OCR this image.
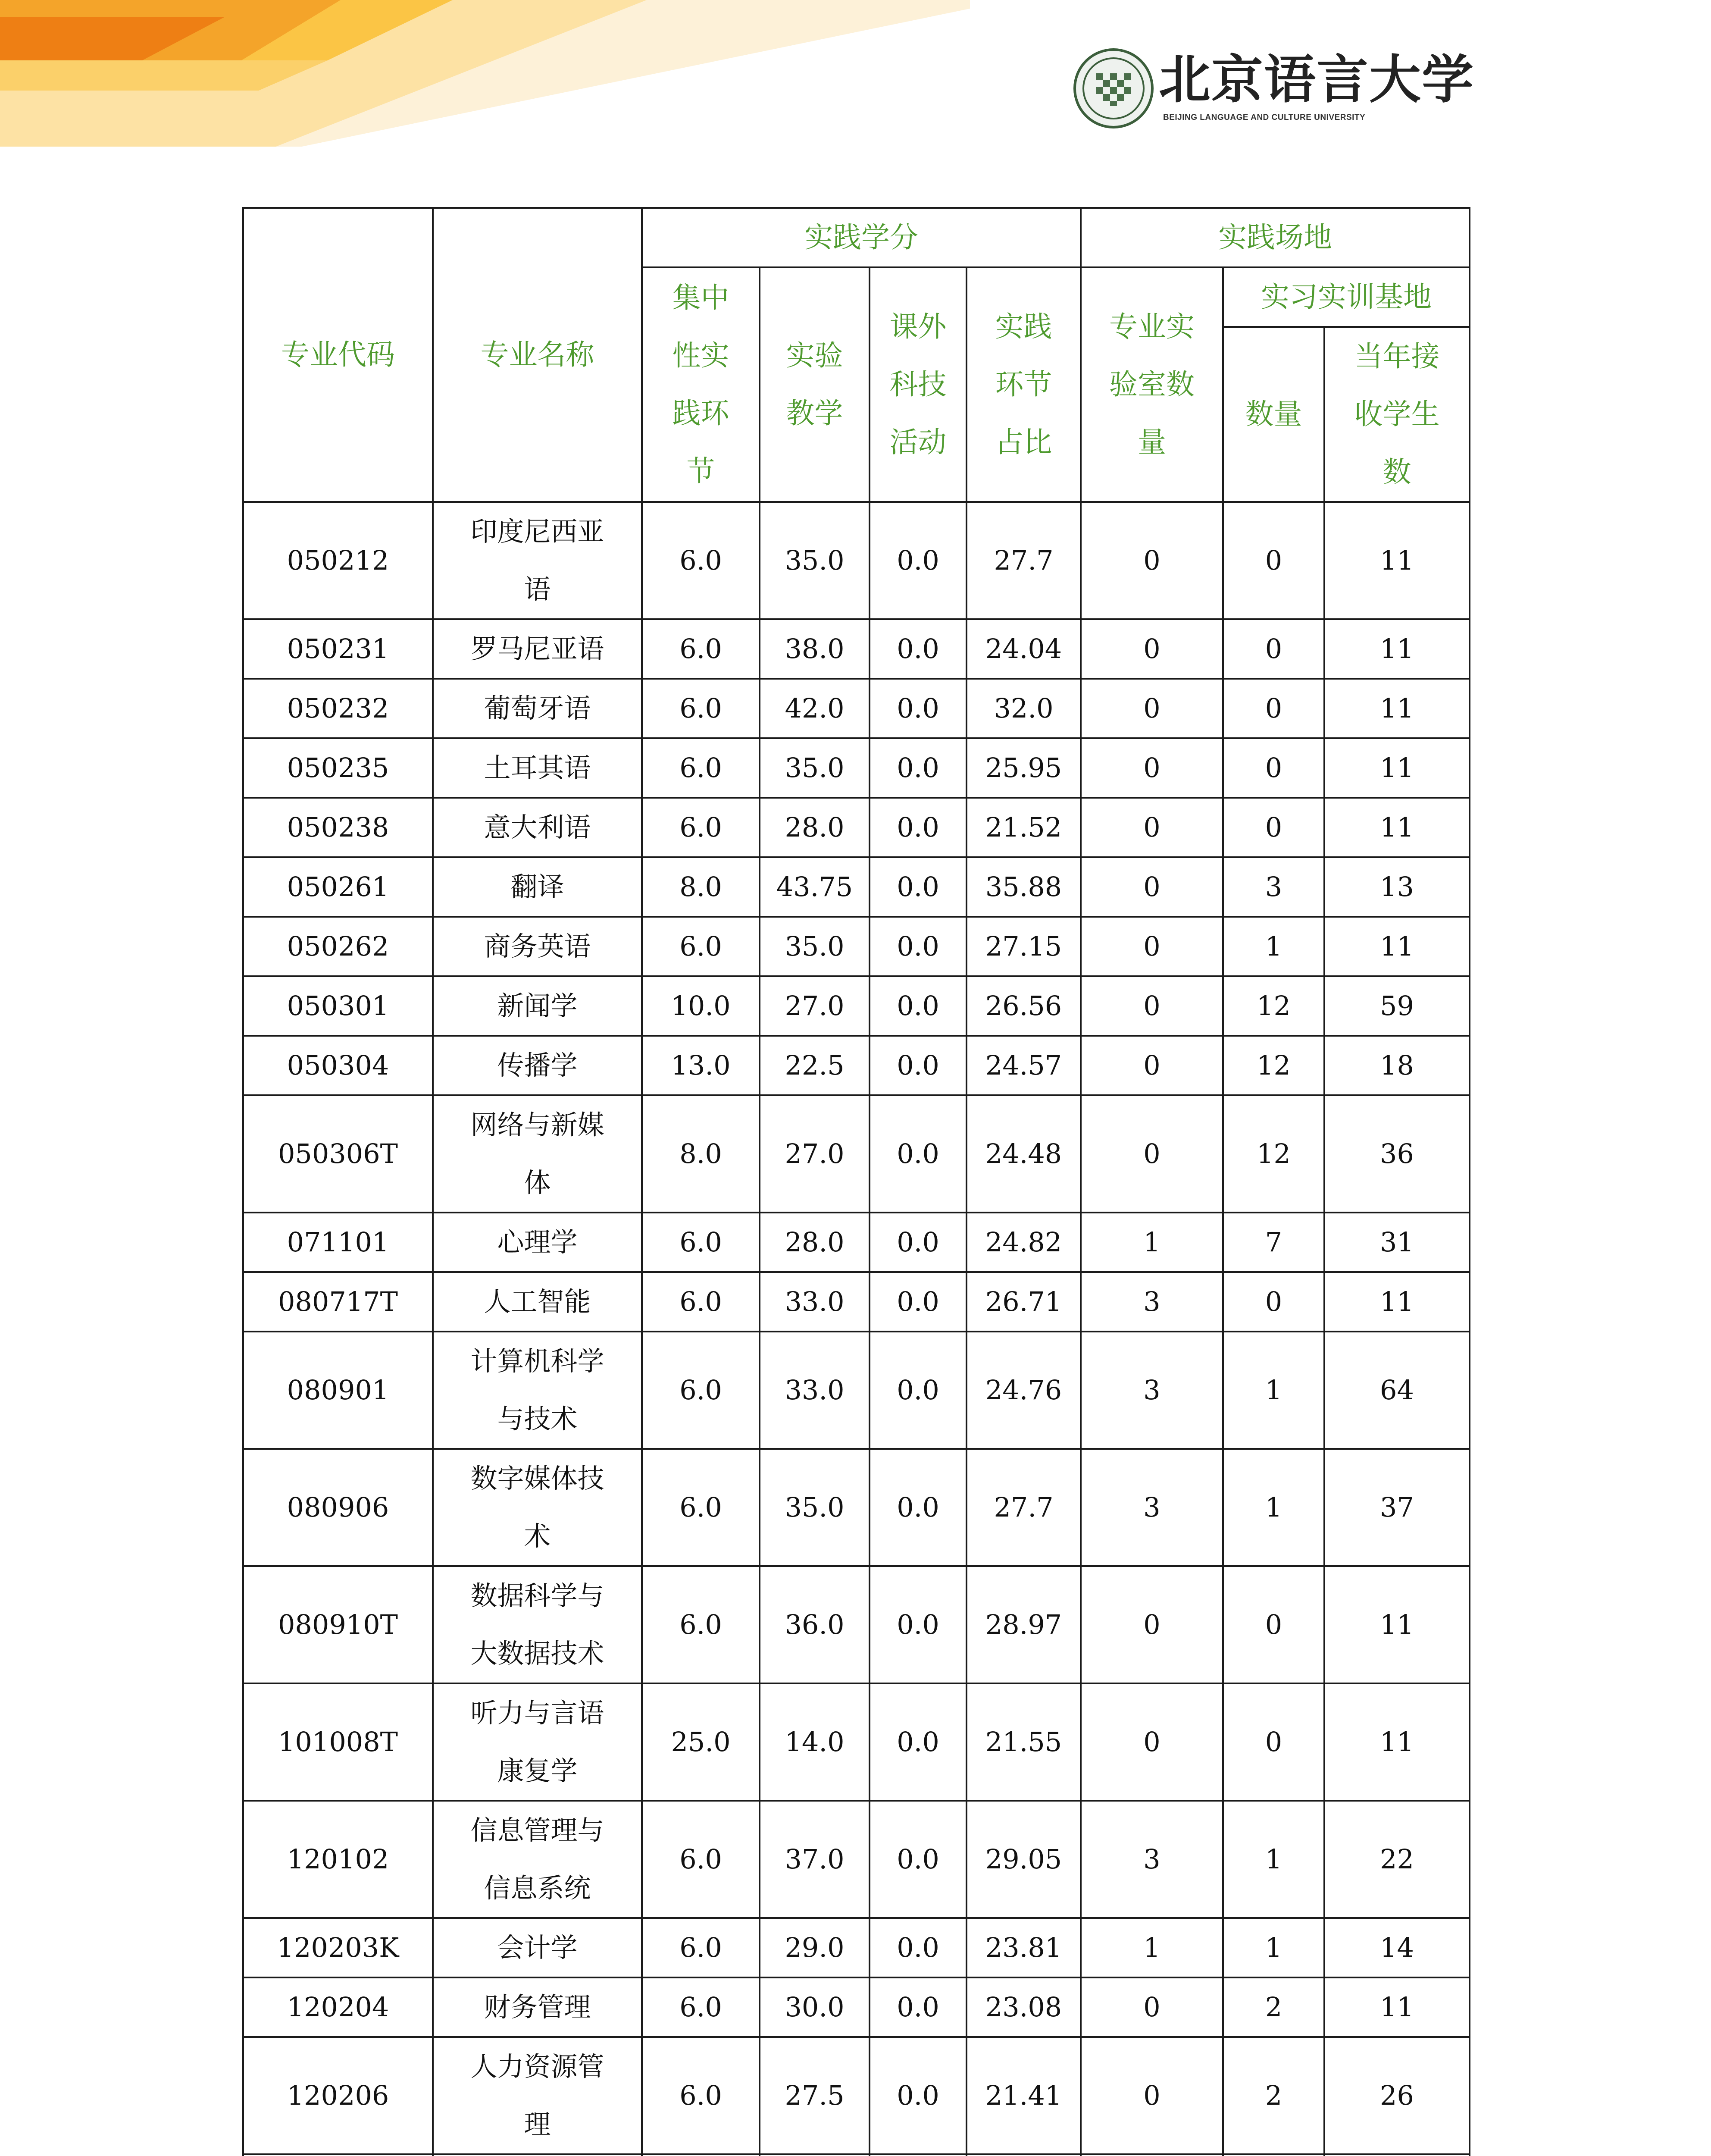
北京语言大学
BEIJING LANGUAGE AND CULTURE UNIVERSITY
专业代码	专业名称	实践学分				实践场地		
		集中性实践环节	实验教学	课外科技活动	实践环节占比	专业实验室数量	实习实训基地	
							数量	当年接收学生数
050212	印度尼西亚语	6.0	35.0	0.0	27.7	0	0	11
050231	罗马尼亚语	6.0	38.0	0.0	24.04	0	0	11
050232	葡萄牙语	6.0	42.0	0.0	32.0	0	0	11
050235	土耳其语	6.0	35.0	0.0	25.95	0	0	11
050238	意大利语	6.0	28.0	0.0	21.52	0	0	11
050261	翻译	8.0	43.75	0.0	35.88	0	3	13
050262	商务英语	6.0	35.0	0.0	27.15	0	1	11
050301	新闻学	10.0	27.0	0.0	26.56	0	12	59
050304	传播学	13.0	22.5	0.0	24.57	0	12	18
050306T	网络与新媒体	8.0	27.0	0.0	24.48	0	12	36
071101	心理学	6.0	28.0	0.0	24.82	1	7	31
080717T	人工智能	6.0	33.0	0.0	26.71	3	0	11
080901	计算机科学与技术	6.0	33.0	0.0	24.76	3	1	64
080906	数字媒体技术	6.0	35.0	0.0	27.7	3	1	37
080910T	数据科学与大数据技术	6.0	36.0	0.0	28.97	0	0	11
101008T	听力与言语康复学	25.0	14.0	0.0	21.55	0	0	11
120102	信息管理与信息系统	6.0	37.0	0.0	29.05	3	1	22
120203K	会计学	6.0	29.0	0.0	23.81	1	1	14
120204	财务管理	6.0	30.0	0.0	23.08	0	2	11
120206	人力资源管理	6.0	27.5	0.0	21.41	0	2	26
